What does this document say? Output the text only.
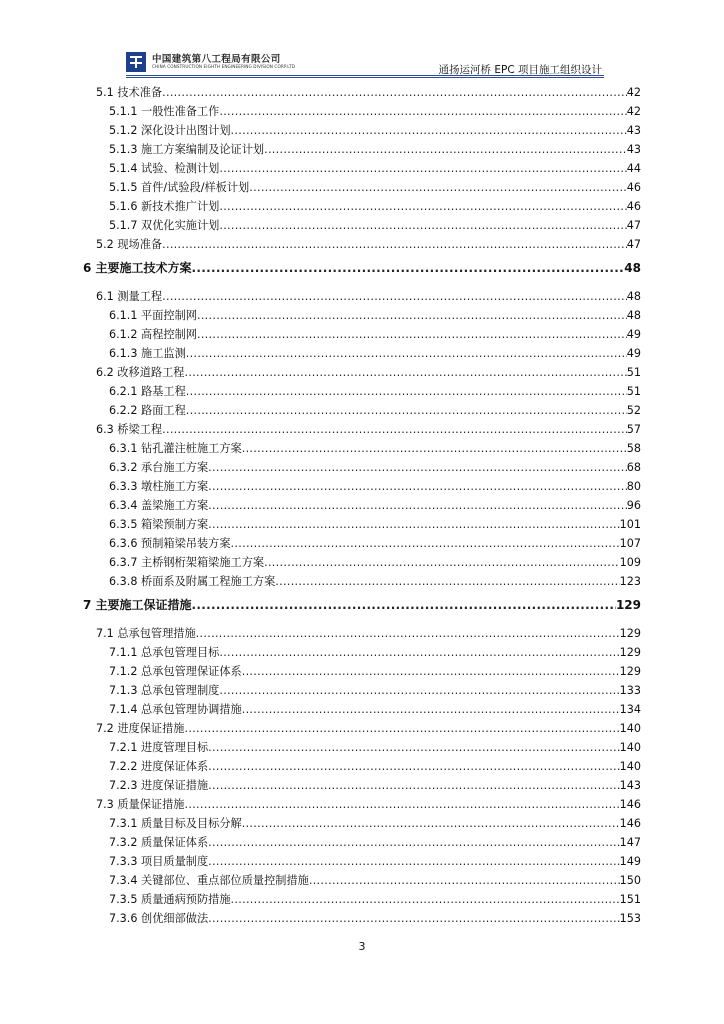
中国建筑第八工程局有限公司
CHINA CONSTRUCTION EIGHTH ENGINEERING DIVISION CORP.LTD	通扬运河桥 EPC 项目施工组织设计
5.1 技术准备 .....	42
5.1.1 一般性准备工作 .....	42
5.1.2 深化设计出图计划 .....	43
5.1.3 施工方案编制及论证计划 .....	43
5.1.4 试验、检测计划 .....	44
5.1.5 首件/试验段/样板计划 .....	46
5.1.6 新技术推广计划 .....	46
5.1.7 双优化实施计划 .....	47
5.2 现场准备 .....	47
6 主要施工技术方案 .....	48
6.1 测量工程 .....	48
6.1.1 平面控制网 .....	48
6.1.2 高程控制网 .....	49
6.1.3 施工监测 .....	49
6.2 改移道路工程 .....	51
6.2.1 路基工程 .....	51
6.2.2 路面工程 .....	52
6.3 桥梁工程 .....	57
6.3.1 钻孔灌注桩施工方案 .....	58
6.3.2 承台施工方案 .....	68
6.3.3 墩柱施工方案 .....	80
6.3.4 盖梁施工方案 .....	96
6.3.5 箱梁预制方案 .....	101
6.3.6 预制箱梁吊装方案 .....	107
6.3.7 主桥钢桁架箱梁施工方案 .....	109
6.3.8 桥面系及附属工程施工方案 .....	123
7 主要施工保证措施 .....	129
7.1 总承包管理措施 .....	129
7.1.1 总承包管理目标 .....	129
7.1.2 总承包管理保证体系 .....	129
7.1.3 总承包管理制度 .....	133
7.1.4 总承包管理协调措施 .....	134
7.2 进度保证措施 .....	140
7.2.1 进度管理目标 .....	140
7.2.2 进度保证体系 .....	140
7.2.3 进度保证措施 .....	143
7.3 质量保证措施 .....	146
7.3.1 质量目标及目标分解 .....	146
7.3.2 质量保证体系 .....	147
7.3.3 项目质量制度 .....	149
7.3.4 关键部位、重点部位质量控制措施 .....	150
7.3.5 质量通病预防措施 .....	151
7.3.6 创优细部做法 .....	153
3
